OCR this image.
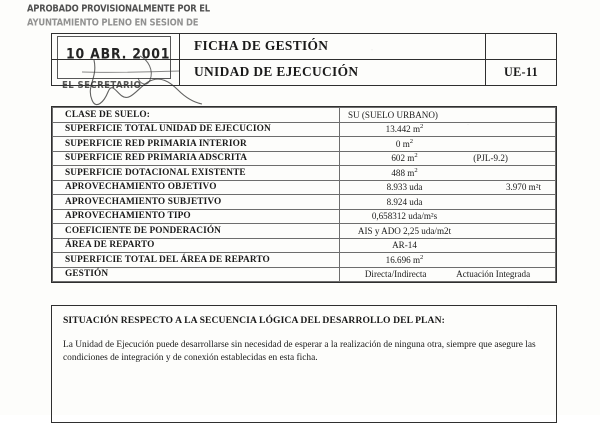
APROBADO PROVISIONALMENTE POR EL
AYUNTAMIENTO PLENO EN SESION DE
10 ABR. 2001
EL SECRETARIO
FICHA DE GESTIÓN
UNIDAD DE EJECUCIÓN	UE-11
CLASE DE SUELO:	SU (SUELO URBANO)

SUPERFICIE TOTAL UNIDAD DE EJECUCION	13.442 $m^2$

SUPERFICIE RED PRIMARIA INTERIOR	0 $m^2$

SUPERFICIE RED PRIMARIA ADSCRITA	602 $m^2$ (PJL-9.2)

SUPERFICIE DOTACIONAL EXISTENTE	488 $m^2$

APROVECHAMIENTO OBJETIVO	8.933 uda 3.970 m²t

APROVECHAMIENTO SUBJETIVO	8.924 uda

APROVECHAMIENTO TIPO	0,658312 uda/m²s

COEFICIENTE DE PONDERACIÓN	AIS y ADO 2,25 uda/m2t

ÁREA DE REPARTO	AR-14

SUPERFICIE TOTAL DEL ÁREA DE REPARTO	16.696 $m^2$

GESTIÓN	Directa/Indirecta Actuación Integrada
SITUACIÓN RESPECTO A LA SECUENCIA LÓGICA DEL DESARROLLO DEL PLAN:
La Unidad de Ejecución puede desarrollarse sin necesidad de esperar a la realización de ninguna otra, siempre que asegure las condiciones de integración y de conexión establecidas en esta ficha.
